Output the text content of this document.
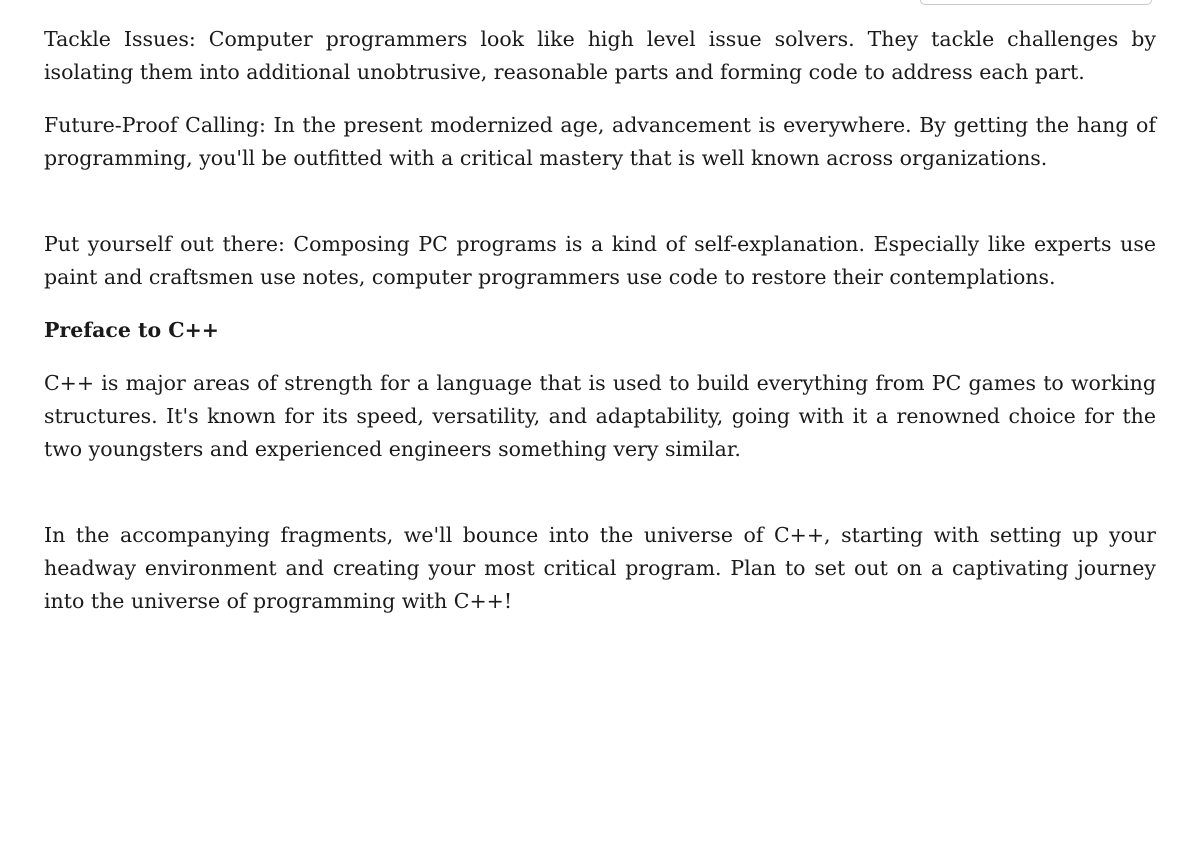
Tackle Issues: Computer programmers look like high level issue solvers. They tackle challenges by isolating them into additional unobtrusive, reasonable parts and forming code to address each part.

Future-Proof Calling: In the present modernized age, advancement is everywhere. By getting the hang of programming, you'll be outfitted with a critical mastery that is well known across organizations.

Put yourself out there: Composing PC programs is a kind of self-explanation. Especially like experts use paint and craftsmen use notes, computer programmers use code to restore their contemplations.

Preface to C++

C++ is major areas of strength for a language that is used to build everything from PC games to working structures. It's known for its speed, versatility, and adaptability, going with it a renowned choice for the two youngsters and experienced engineers something very similar.

In the accompanying fragments, we'll bounce into the universe of C++, starting with setting up your headway environment and creating your most critical program. Plan to set out on a captivating journey into the universe of programming with C++!
